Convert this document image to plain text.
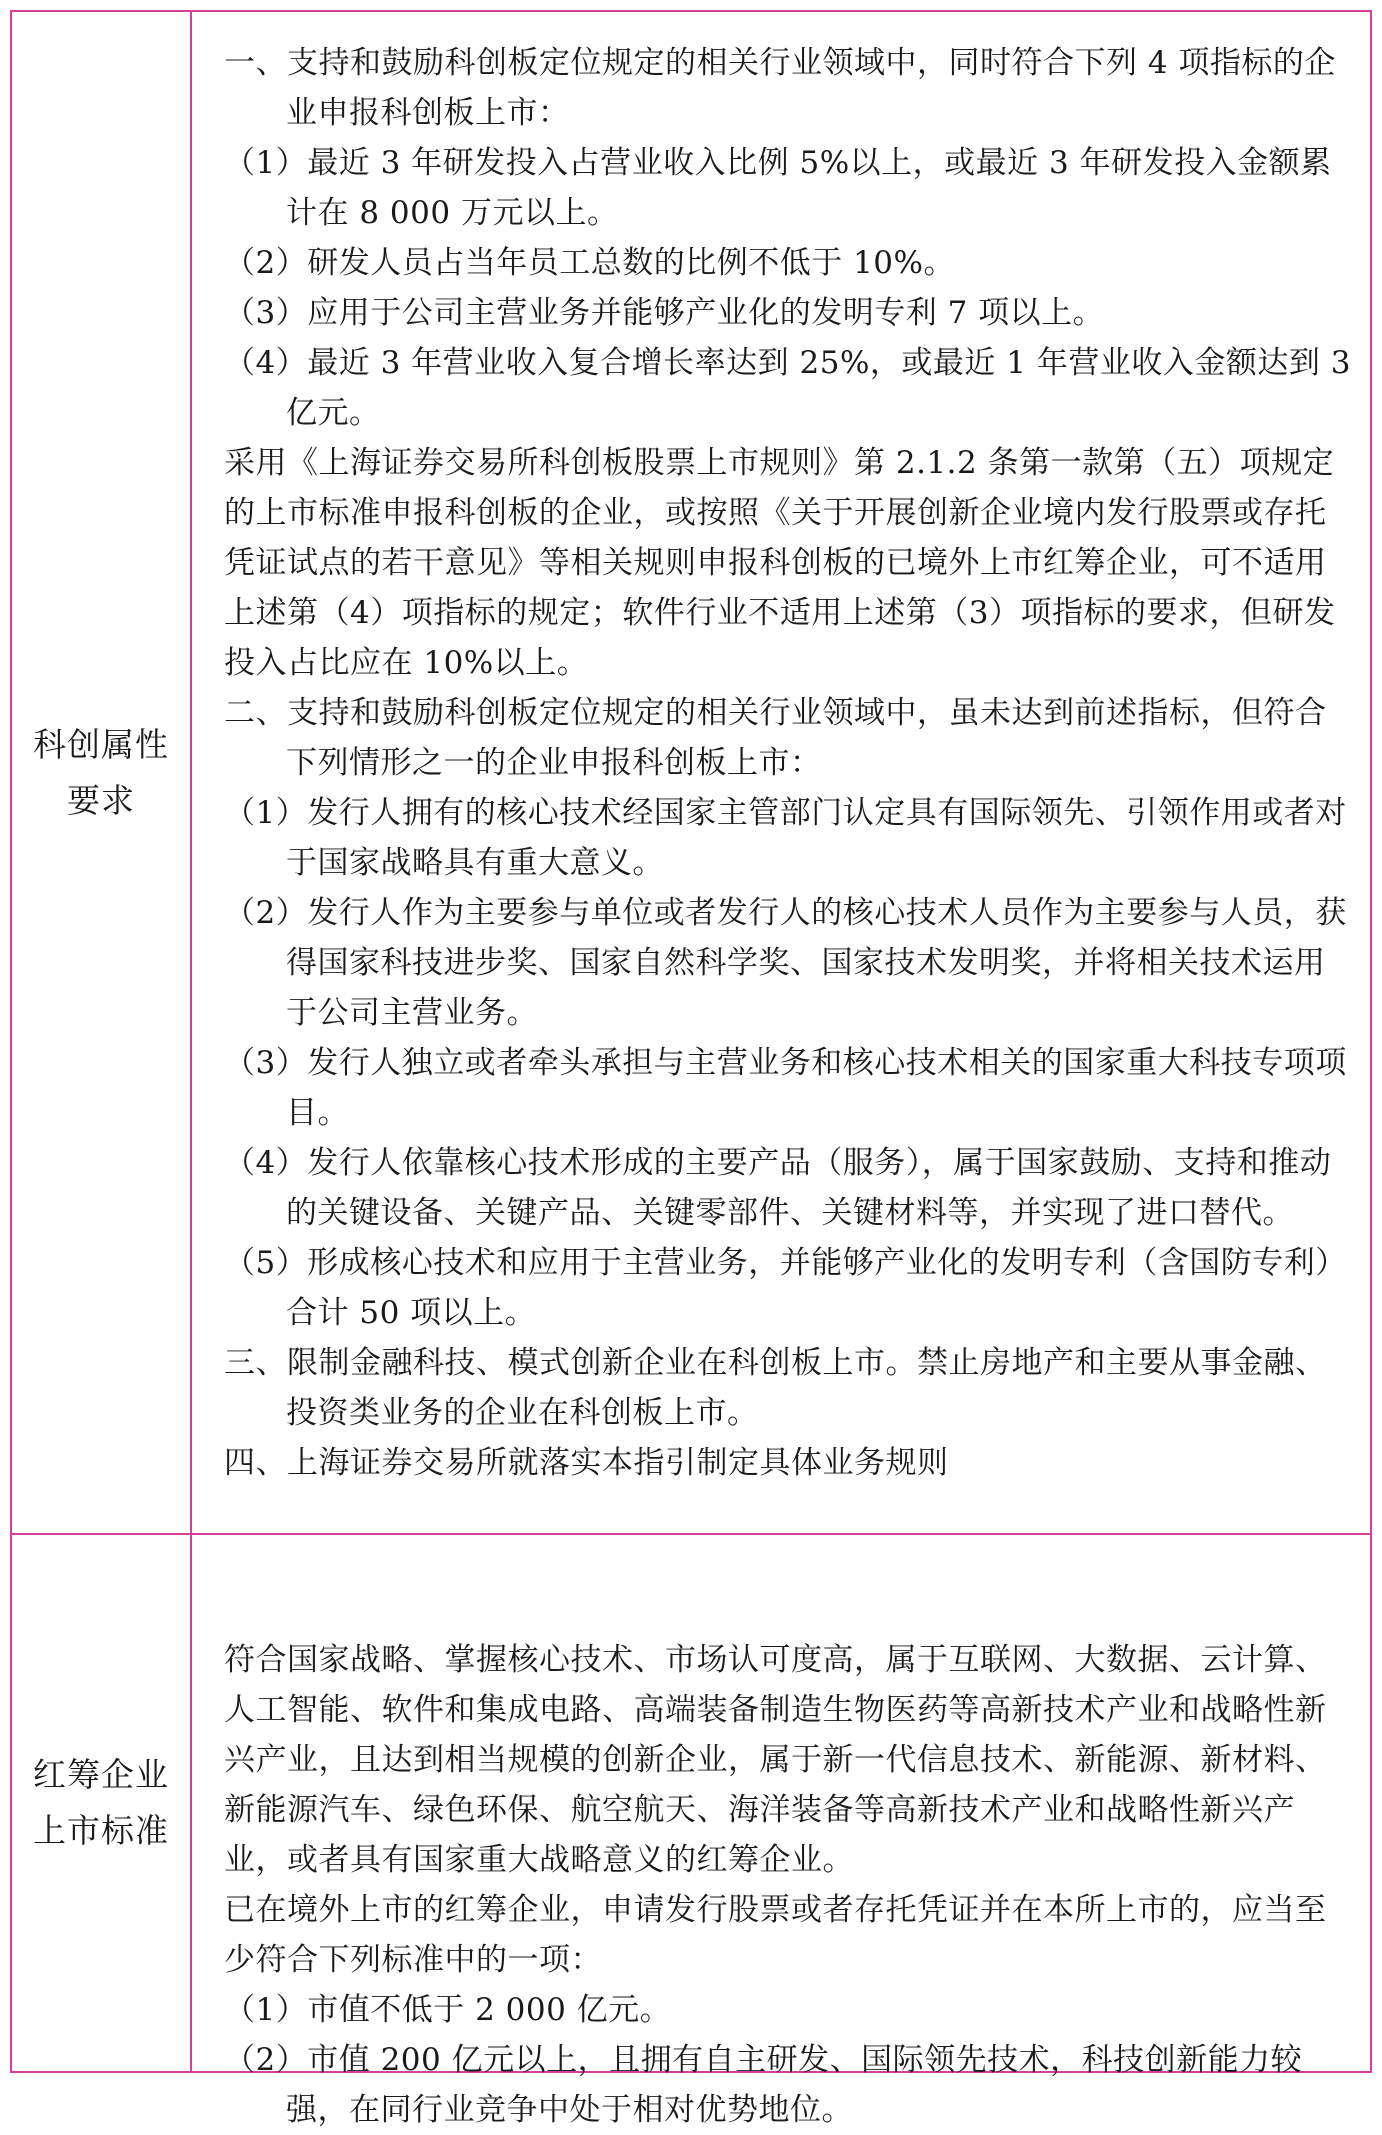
科创属性
要求

一、支持和鼓励科创板定位规定的相关行业领域中，同时符合下列 4 项指标的企业申报科创板上市：

（1）最近 3 年研发投入占营业收入比例 5%以上，或最近 3 年研发投入金额累计在 8 000 万元以上。

（2）研发人员占当年员工总数的比例不低于 10%。

（3）应用于公司主营业务并能够产业化的发明专利 7 项以上。

（4）最近 3 年营业收入复合增长率达到 25%，或最近 1 年营业收入金额达到 3 亿元。

采用《上海证券交易所科创板股票上市规则》第 2.1.2 条第一款第（五）项规定的上市标准申报科创板的企业，或按照《关于开展创新企业境内发行股票或存托凭证试点的若干意见》等相关规则申报科创板的已境外上市红筹企业，可不适用上述第（4）项指标的规定；软件行业不适用上述第（3）项指标的要求，但研发投入占比应在 10%以上。

二、支持和鼓励科创板定位规定的相关行业领域中，虽未达到前述指标，但符合下列情形之一的企业申报科创板上市：

（1）发行人拥有的核心技术经国家主管部门认定具有国际领先、引领作用或者对于国家战略具有重大意义。

（2）发行人作为主要参与单位或者发行人的核心技术人员作为主要参与人员，获得国家科技进步奖、国家自然科学奖、国家技术发明奖，并将相关技术运用于公司主营业务。

（3）发行人独立或者牵头承担与主营业务和核心技术相关的国家重大科技专项项目。

（4）发行人依靠核心技术形成的主要产品（服务），属于国家鼓励、支持和推动的关键设备、关键产品、关键零部件、关键材料等，并实现了进口替代。

（5）形成核心技术和应用于主营业务，并能够产业化的发明专利（含国防专利）合计 50 项以上。

三、限制金融科技、模式创新企业在科创板上市。禁止房地产和主要从事金融、投资类业务的企业在科创板上市。

四、上海证券交易所就落实本指引制定具体业务规则

红筹企业
上市标准

符合国家战略、掌握核心技术、市场认可度高，属于互联网、大数据、云计算、人工智能、软件和集成电路、高端装备制造生物医药等高新技术产业和战略性新兴产业，且达到相当规模的创新企业，属于新一代信息技术、新能源、新材料、新能源汽车、绿色环保、航空航天、海洋装备等高新技术产业和战略性新兴产业，或者具有国家重大战略意义的红筹企业。

已在境外上市的红筹企业，申请发行股票或者存托凭证并在本所上市的，应当至少符合下列标准中的一项：

（1）市值不低于 2 000 亿元。

（2）市值 200 亿元以上，且拥有自主研发、国际领先技术，科技创新能力较强，在同行业竞争中处于相对优势地位。
